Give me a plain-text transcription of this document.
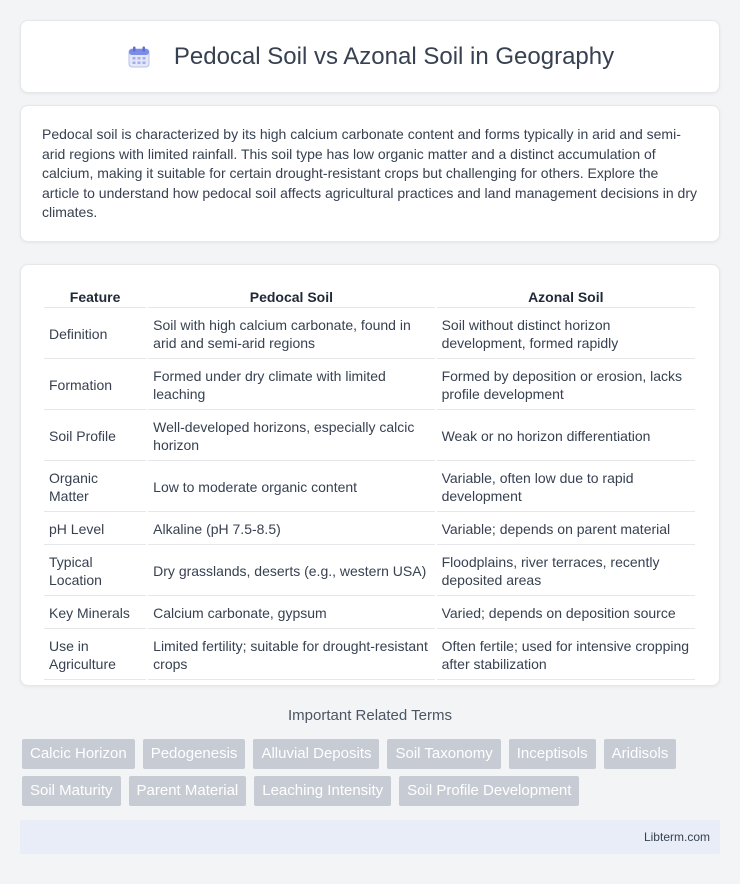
Pedocal Soil vs Azonal Soil in Geography

Pedocal soil is characterized by its high calcium carbonate content and forms typically in arid and semi-arid regions with limited rainfall. This soil type has low organic matter and a distinct accumulation of calcium, making it suitable for certain drought-resistant crops but challenging for others. Explore the article to understand how pedocal soil affects agricultural practices and land management decisions in dry climates.

Feature	Pedocal Soil	Azonal Soil
Definition	Soil with high calcium carbonate, found in arid and semi-arid regions	Soil without distinct horizon development, formed rapidly
Formation	Formed under dry climate with limited leaching	Formed by deposition or erosion, lacks profile development
Soil Profile	Well-developed horizons, especially calcic horizon	Weak or no horizon differentiation
Organic Matter	Low to moderate organic content	Variable, often low due to rapid development
pH Level	Alkaline (pH 7.5-8.5)	Variable; depends on parent material
Typical Location	Dry grasslands, deserts (e.g., western USA)	Floodplains, river terraces, recently deposited areas
Key Minerals	Calcium carbonate, gypsum	Varied; depends on deposition source
Use in Agriculture	Limited fertility; suitable for drought-resistant crops	Often fertile; used for intensive cropping after stabilization
Important Related Terms
Calcic Horizon	Pedogenesis	Alluvial Deposits	Soil Taxonomy	Inceptisols	Aridisols
Soil Maturity	Parent Material	Leaching Intensity	Soil Profile Development
Libterm.com
